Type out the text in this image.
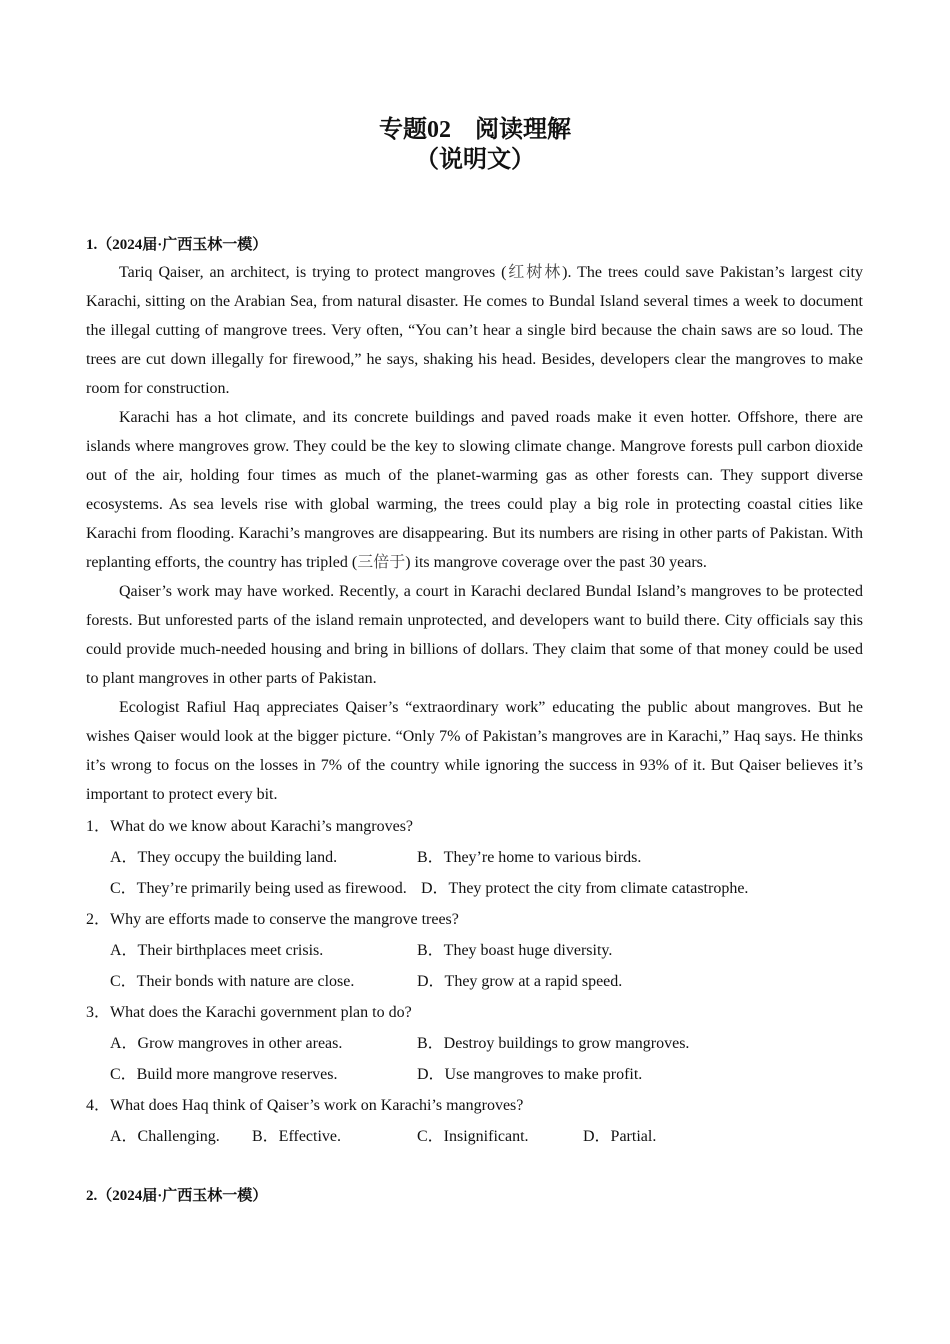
专题02　阅读理解
（说明文）
1.（2024届·广西玉林一模）

Tariq Qaiser, an architect, is trying to protect mangroves (红树林). The trees could save Pakistan’s largest city Karachi, sitting on the Arabian Sea, from natural disaster. He comes to Bundal Island several times a week to document the illegal cutting of mangrove trees. Very often, “You can’t hear a single bird because the chain saws are so loud. The trees are cut down illegally for firewood,” he says, shaking his head. Besides, developers clear the mangroves to make room for construction.

Karachi has a hot climate, and its concrete buildings and paved roads make it even hotter. Offshore, there are islands where mangroves grow. They could be the key to slowing climate change. Mangrove forests pull carbon dioxide out of the air, holding four times as much of the planet-warming gas as other forests can. They support diverse ecosystems. As sea levels rise with global warming, the trees could play a big role in protecting coastal cities like Karachi from flooding. Karachi’s mangroves are disappearing. But its numbers are rising in other parts of Pakistan. With replanting efforts, the country has tripled (三倍于) its mangrove coverage over the past 30 years.

Qaiser’s work may have worked. Recently, a court in Karachi declared Bundal Island’s mangroves to be protected forests. But unforested parts of the island remain unprotected, and developers want to build there. City officials say this could provide much-needed housing and bring in billions of dollars. They claim that some of that money could be used to plant mangroves in other parts of Pakistan.

Ecologist Rafiul Haq appreciates Qaiser’s “extraordinary work” educating the public about mangroves. But he wishes Qaiser would look at the bigger picture. “Only 7% of Pakistan’s mangroves are in Karachi,” Haq says. He thinks it’s wrong to focus on the losses in 7% of the country while ignoring the success in 93% of it. But Qaiser believes it’s important to protect every bit.

1．What do we know about Karachi’s mangroves?
A．They occupy the building land.	B．They’re home to various birds.
C．They’re primarily being used as firewood. D．They protect the city from climate catastrophe.
2．Why are efforts made to conserve the mangrove trees?
A．Their birthplaces meet crisis.	B．They boast huge diversity.
C．Their bonds with nature are close.	D．They grow at a rapid speed.
3．What does the Karachi government plan to do?
A．Grow mangroves in other areas.	B．Destroy buildings to grow mangroves.
C．Build more mangrove reserves.	D．Use mangroves to make profit.
4．What does Haq think of Qaiser’s work on Karachi’s mangroves?
A．Challenging. B．Effective.	C．Insignificant.	D．Partial.
2.（2024届·广西玉林一模）
